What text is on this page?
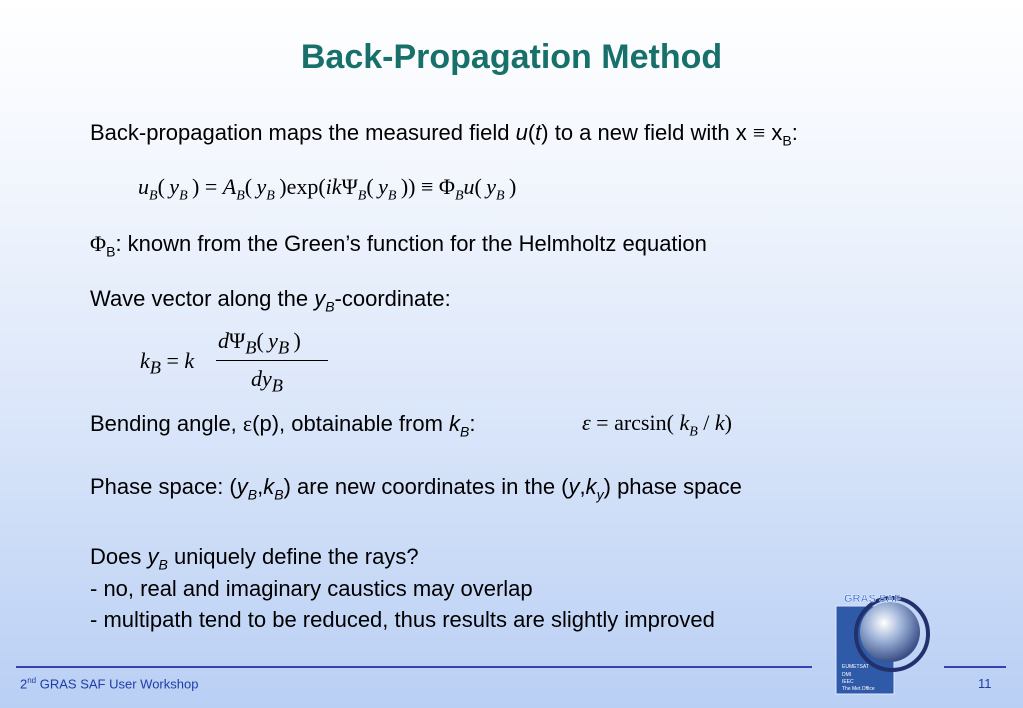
Back-Propagation Method
Back-propagation maps the measured field u(t) to a new field with $x \equiv x_B$:
$u_B$( $y_B$ ) = $A_B$( $y_B$ )exp(ikΨ$_B$( $y_B$ )) ≡ $\Phi_Bu$( $y_B$ )
$\Phi_B$: known from the Green’s function for the Helmholtz equation
Wave vector along the $y_B$-coordinate:
$k_B = k$
$d\Psi_B$( $y_B$ )
$dy_B$
Bending angle, ε(p), obtainable from $k_B$:	ε = arcsin( $k_B / k$)
Phase space: $(y_B,k_B)$ are new coordinates in the $(y,k_y)$ phase space
Does $y_B$ uniquely define the rays?
- no, real and imaginary caustics may overlap
- multipath tend to be reduced, thus results are slightly improved
GRAS SAF
EUMETSAT
DMI
IEEC
The Met.Office
2nd GRAS SAF User Workshop	11
